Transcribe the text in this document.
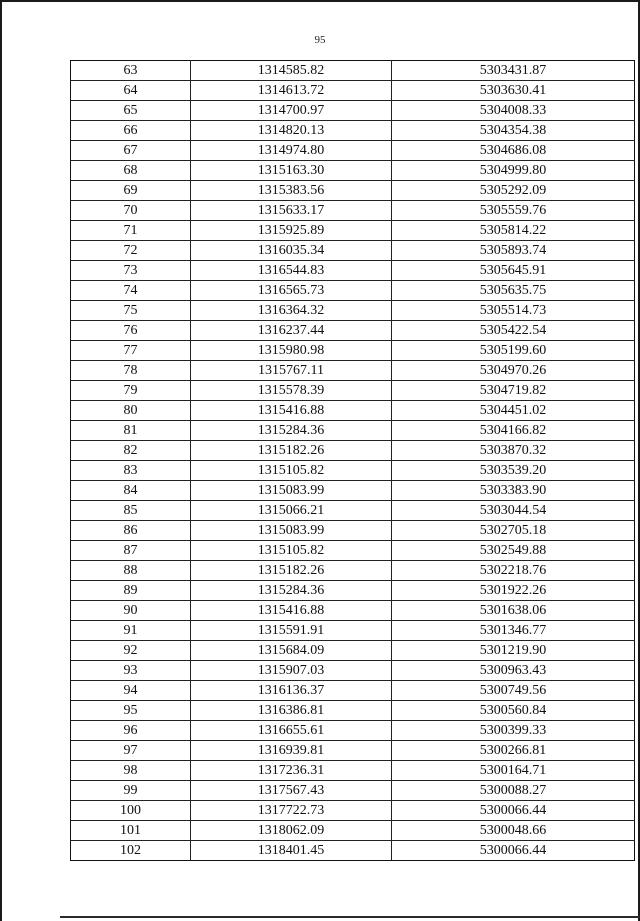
95
63	1314585.82	5303431.87
64	1314613.72	5303630.41
65	1314700.97	5304008.33
66	1314820.13	5304354.38
67	1314974.80	5304686.08
68	1315163.30	5304999.80
69	1315383.56	5305292.09
70	1315633.17	5305559.76
71	1315925.89	5305814.22
72	1316035.34	5305893.74
73	1316544.83	5305645.91
74	1316565.73	5305635.75
75	1316364.32	5305514.73
76	1316237.44	5305422.54
77	1315980.98	5305199.60
78	1315767.11	5304970.26
79	1315578.39	5304719.82
80	1315416.88	5304451.02
81	1315284.36	5304166.82
82	1315182.26	5303870.32
83	1315105.82	5303539.20
84	1315083.99	5303383.90
85	1315066.21	5303044.54
86	1315083.99	5302705.18
87	1315105.82	5302549.88
88	1315182.26	5302218.76
89	1315284.36	5301922.26
90	1315416.88	5301638.06
91	1315591.91	5301346.77
92	1315684.09	5301219.90
93	1315907.03	5300963.43
94	1316136.37	5300749.56
95	1316386.81	5300560.84
96	1316655.61	5300399.33
97	1316939.81	5300266.81
98	1317236.31	5300164.71
99	1317567.43	5300088.27
100	1317722.73	5300066.44
101	1318062.09	5300048.66
102	1318401.45	5300066.44
